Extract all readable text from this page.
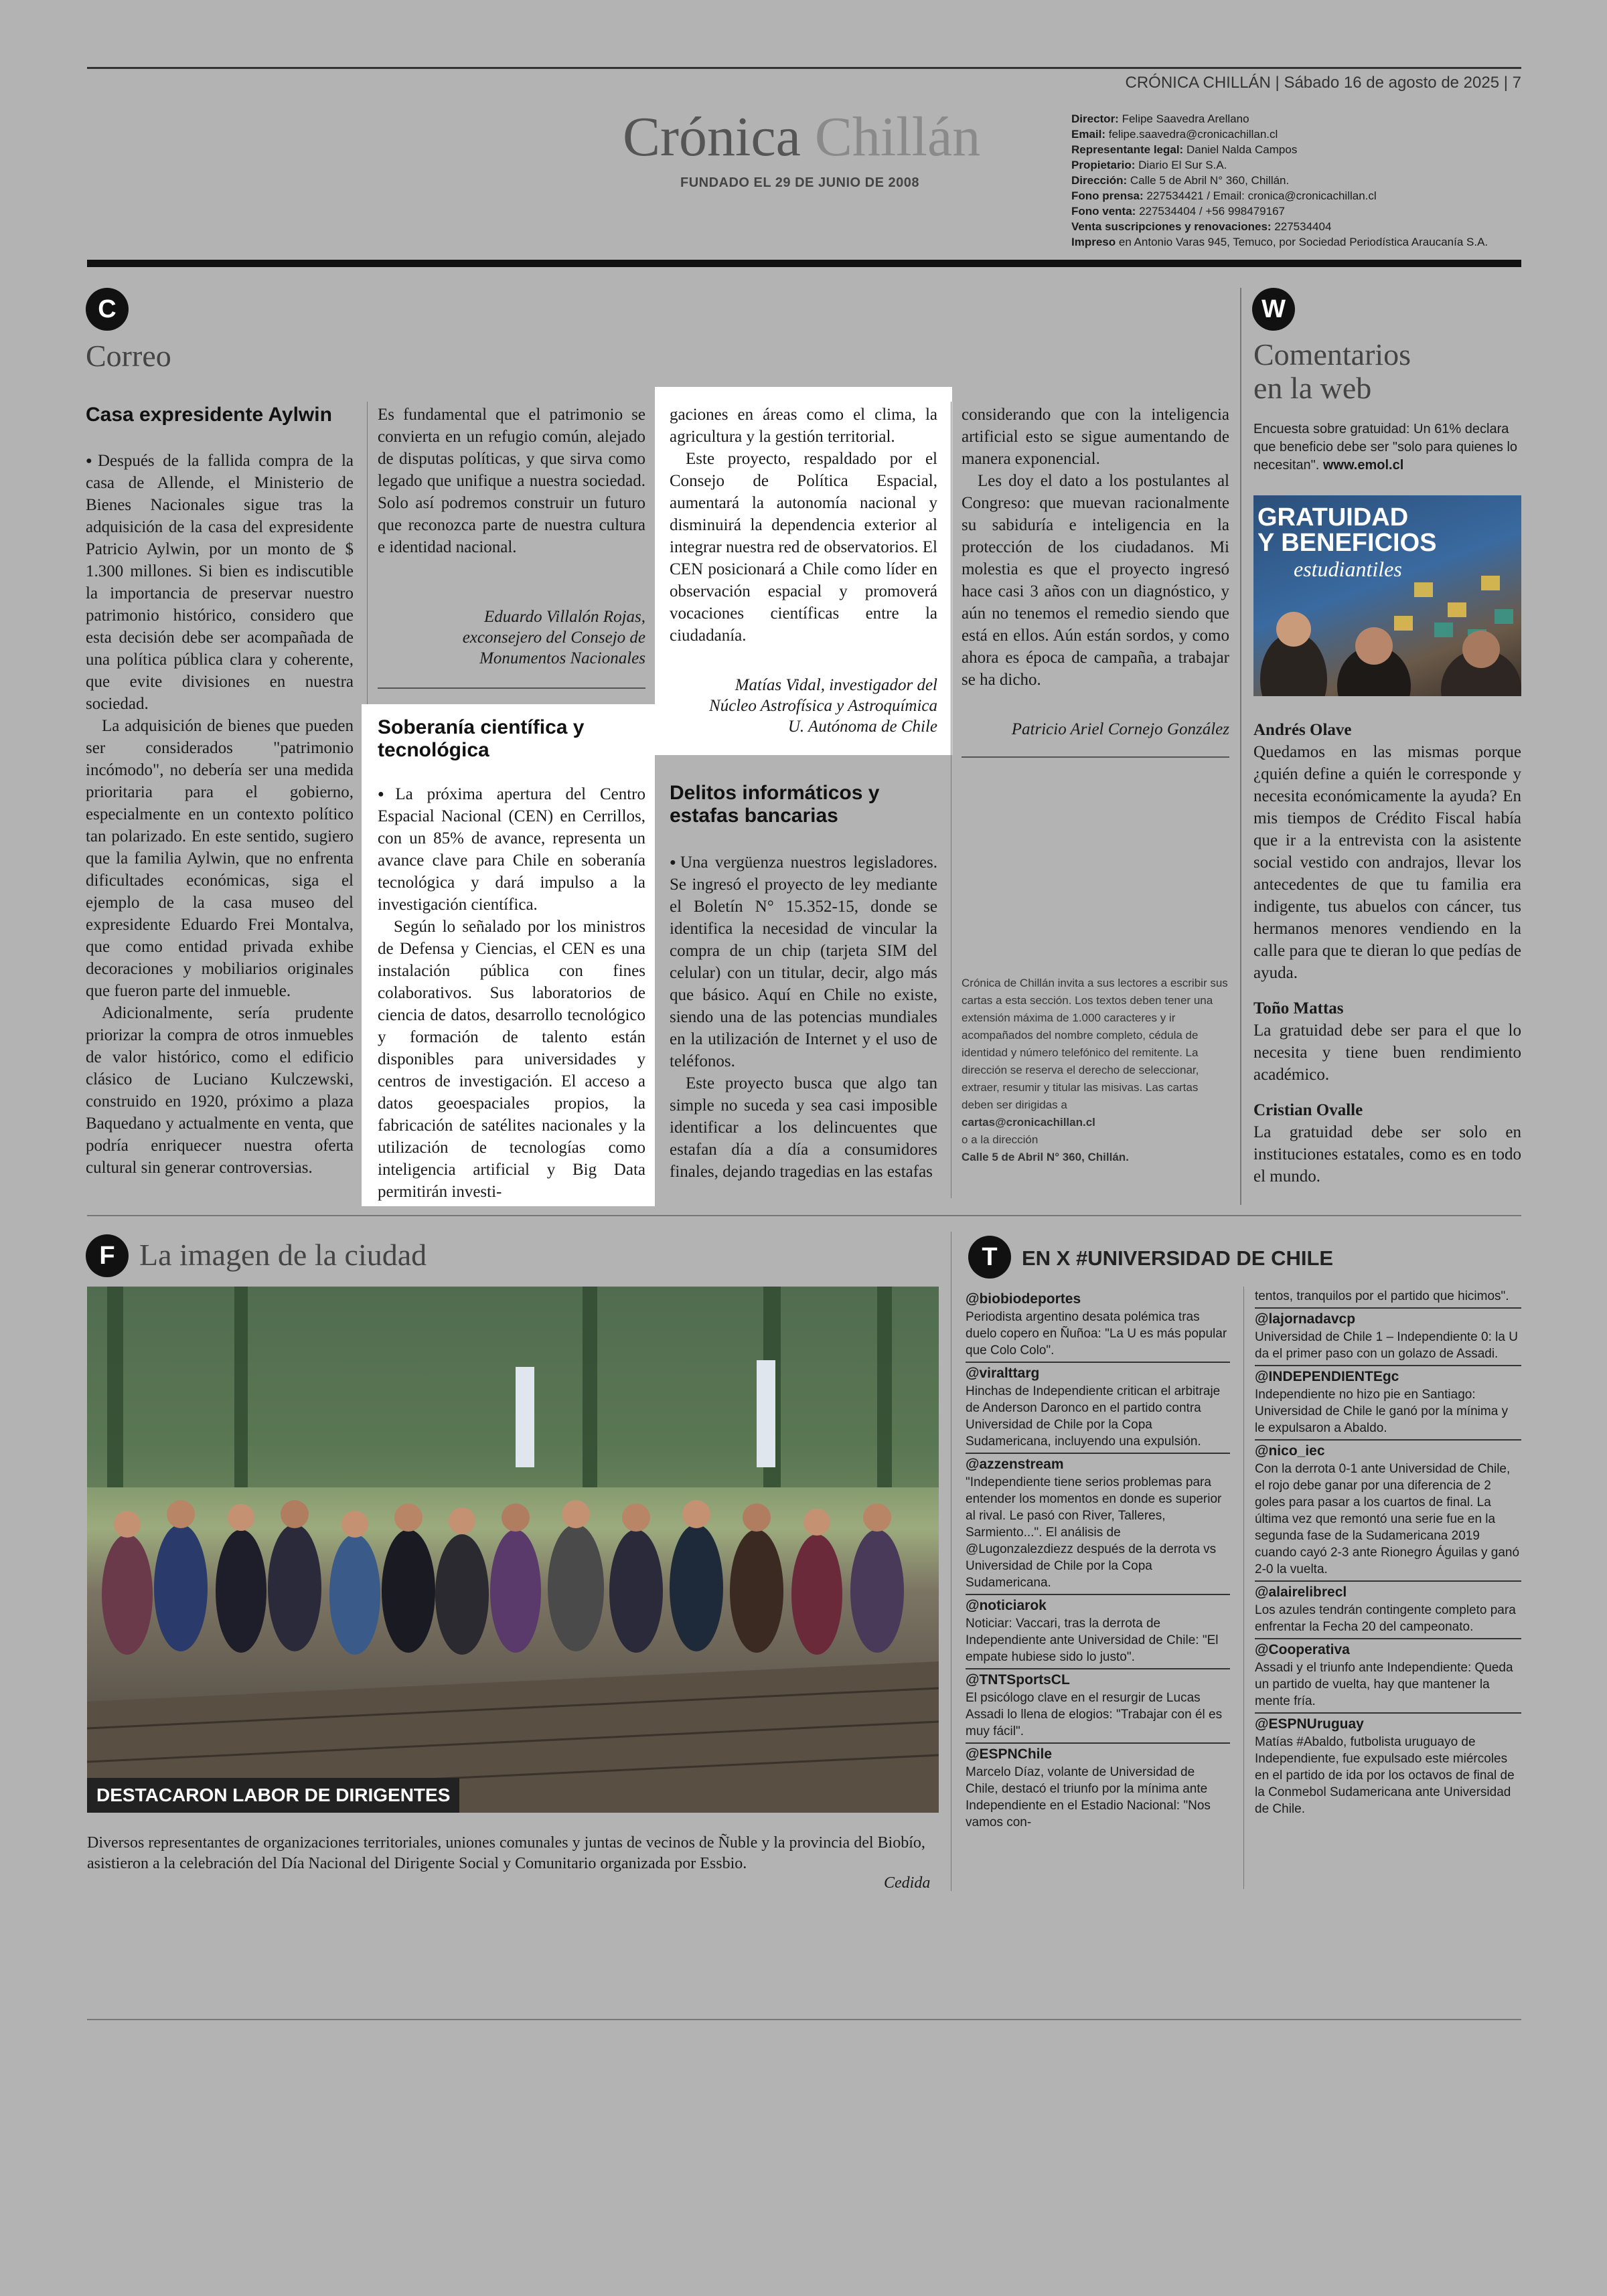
CRÓNICA CHILLÁN | Sábado 16 de agosto de 2025 | 7
Crónica Chillán
FUNDADO EL 29 DE JUNIO DE 2008
Director: Felipe Saavedra Arellano
Email: felipe.saavedra@cronicachillan.cl
Representante legal: Daniel Nalda Campos
Propietario: Diario El Sur S.A.
Dirección: Calle 5 de Abril N° 360, Chillán.
Fono prensa: 227534421 / Email: cronica@cronicachillan.cl
Fono venta: 227534404 / +56 998479167
Venta suscripciones y renovaciones: 227534404
Impreso en Antonio Varas 945, Temuco, por Sociedad Periodística Araucanía S.A.
C
Correo
Casa expresidente Aylwin

● Después de la fallida compra de la casa de Allende, el Ministerio de Bienes Nacionales sigue tras la adquisición de la casa del expresidente Patricio Aylwin, por un monto de $ 1.300 millones. Si bien es indiscutible la importancia de preservar nuestro patrimonio histórico, considero que esta decisión debe ser acompañada de una política pública clara y coherente, que evite divisiones en nuestra sociedad.

La adquisición de bienes que pueden ser considerados "patrimonio incómodo", no debería ser una medida prioritaria para el gobierno, especialmente en un contexto político tan polarizado. En este sentido, sugiero que la familia Aylwin, que no enfrenta dificultades económicas, siga el ejemplo de la casa museo del expresidente Eduardo Frei Montalva, que como entidad privada exhibe decoraciones y mobiliarios originales que fueron parte del inmueble.

Adicionalmente, sería prudente priorizar la compra de otros inmuebles de valor histórico, como el edificio clásico de Luciano Kulczewski, construido en 1920, próximo a plaza Baquedano y actualmente en venta, que podría enriquecer nuestra oferta cultural sin generar controversias.

Es fundamental que el patrimonio se convierta en un refugio común, alejado de disputas políticas, y que sirva como legado que unifique a nuestra sociedad. Solo así podremos construir un futuro que reconozca parte de nuestra cultura e identidad nacional.

Eduardo Villalón Rojas,
exconsejero del Consejo de
Monumentos Nacionales
Soberanía científica y tecnológica

● La próxima apertura del Centro Espacial Nacional (CEN) en Cerrillos, con un 85% de avance, representa un avance clave para Chile en soberanía tecnológica y dará impulso a la investigación científica.

Según lo señalado por los ministros de Defensa y Ciencias, el CEN es una instalación pública con fines colaborativos. Sus laboratorios de ciencia de datos, desarrollo tecnológico y formación de talento están disponibles para universidades y centros de investigación. El acceso a datos geoespaciales propios, la fabricación de satélites nacionales y la utilización de tecnologías como inteligencia artificial y Big Data permitirán investi-

gaciones en áreas como el clima, la agricultura y la gestión territorial.

Este proyecto, respaldado por el Consejo de Política Espacial, aumentará la autonomía nacional y disminuirá la dependencia exterior al integrar nuestra red de observatorios. El CEN posicionará a Chile como líder en observación espacial y promoverá vocaciones científicas entre la ciudadanía.

Matías Vidal, investigador del
Núcleo Astrofísica y Astroquímica
U. Autónoma de Chile
Delitos informáticos y estafas bancarias

● Una vergüenza nuestros legisladores. Se ingresó el proyecto de ley mediante el Boletín N° 15.352-15, donde se identifica la necesidad de vincular la compra de un chip (tarjeta SIM del celular) con un titular, decir, algo más que básico. Aquí en Chile no existe, siendo una de las potencias mundiales en la utilización de Internet y el uso de teléfonos.

Este proyecto busca que algo tan simple no suceda y sea casi imposible identificar a los delincuentes que estafan día a día a consumidores finales, dejando tragedias en las estafas

considerando que con la inteligencia artificial esto se sigue aumentando de manera exponencial.

Les doy el dato a los postulantes al Congreso: que muevan racionalmente su sabiduría e inteligencia en la protección de los ciudadanos. Mi molestia es que el proyecto ingresó hace casi 3 años con un diagnóstico, y aún no tenemos el remedio siendo que está en ellos. Aún están sordos, y como ahora es época de campaña, a trabajar se ha dicho.

Patricio Ariel Cornejo González
Crónica de Chillán invita a sus lectores a escribir sus cartas a esta sección. Los textos deben tener una extensión máxima de 1.000 caracteres y ir acompañados del nombre completo, cédula de identidad y número telefónico del remitente. La dirección se reserva el derecho de seleccionar, extraer, resumir y titular las misivas. Las cartas deben ser dirigidas a
cartas@cronicachillan.cl
o a la dirección
Calle 5 de Abril N° 360, Chillán.
W
Comentarios
en la web
Encuesta sobre gratuidad: Un 61% declara que beneficio debe ser "solo para quienes lo necesitan". www.emol.cl
GRATUIDAD
Y BENEFICIOS
estudiantiles
Andrés Olave
Quedamos en las mismas porque ¿quién define a quién le corresponde y necesita económicamente la ayuda? En mis tiempos de Crédito Fiscal había que ir a la entrevista con la asistente social vestido con andrajos, llevar los antecedentes de que tu familia era indigente, tus abuelos con cáncer, tus hermanos menores vendiendo en la calle para que te dieran lo que pedías de ayuda.
Toño Mattas
La gratuidad debe ser para el que lo necesita y tiene buen rendimiento académico.
Cristian Ovalle
La gratuidad debe ser solo en instituciones estatales, como es en todo el mundo.
F La imagen de la ciudad
DESTACARON LABOR DE DIRIGENTES
Diversos representantes de organizaciones territoriales, uniones comunales y juntas de vecinos de Ñuble y la provincia del Biobío, asistieron a la celebración del Día Nacional del Dirigente Social y Comunitario organizada por Essbio.
Cedida
T	EN X #UNIVERSIDAD DE CHILE
@biobiodeportes
Periodista argentino desata polémica tras duelo copero en Ñuñoa: "La U es más popular que Colo Colo".
@viralttarg
Hinchas de Independiente critican el arbitraje de Anderson Daronco en el partido contra Universidad de Chile por la Copa Sudamericana, incluyendo una expulsión.
@azzenstream
"Independiente tiene serios problemas para entender los momentos en donde es superior al rival. Le pasó con River, Talleres, Sarmiento...". El análisis de @Lugonzalezdiezz después de la derrota vs Universidad de Chile por la Copa Sudamericana.
@noticiarok
Noticiar: Vaccari, tras la derrota de Independiente ante Universidad de Chile: "El empate hubiese sido lo justo".
@TNTSportsCL
El psicólogo clave en el resurgir de Lucas Assadi lo llena de elogios: "Trabajar con él es muy fácil".
@ESPNChile
Marcelo Díaz, volante de Universidad de Chile, destacó el triunfo por la mínima ante Independiente en el Estadio Nacional: "Nos vamos con-
tentos, tranquilos por el partido que hicimos".
@lajornadavcp
Universidad de Chile 1 – Independiente 0: la U da el primer paso con un golazo de Assadi.
@INDEPENDIENTEgc
Independiente no hizo pie en Santiago: Universidad de Chile le ganó por la mínima y le expulsaron a Abaldo.
@nico_iec
Con la derrota 0-1 ante Universidad de Chile, el rojo debe ganar por una diferencia de 2 goles para pasar a los cuartos de final. La última vez que remontó una serie fue en la segunda fase de la Sudamericana 2019 cuando cayó 2-3 ante Rionegro Águilas y ganó 2-0 la vuelta.
@alairelibrecl
Los azules tendrán contingente completo para enfrentar la Fecha 20 del campeonato.
@Cooperativa
Assadi y el triunfo ante Independiente: Queda un partido de vuelta, hay que mantener la mente fría.
@ESPNUruguay
Matías #Abaldo, futbolista uruguayo de Independiente, fue expulsado este miércoles en el partido de ida por los octavos de final de la Conmebol Sudamericana ante Universidad de Chile.
